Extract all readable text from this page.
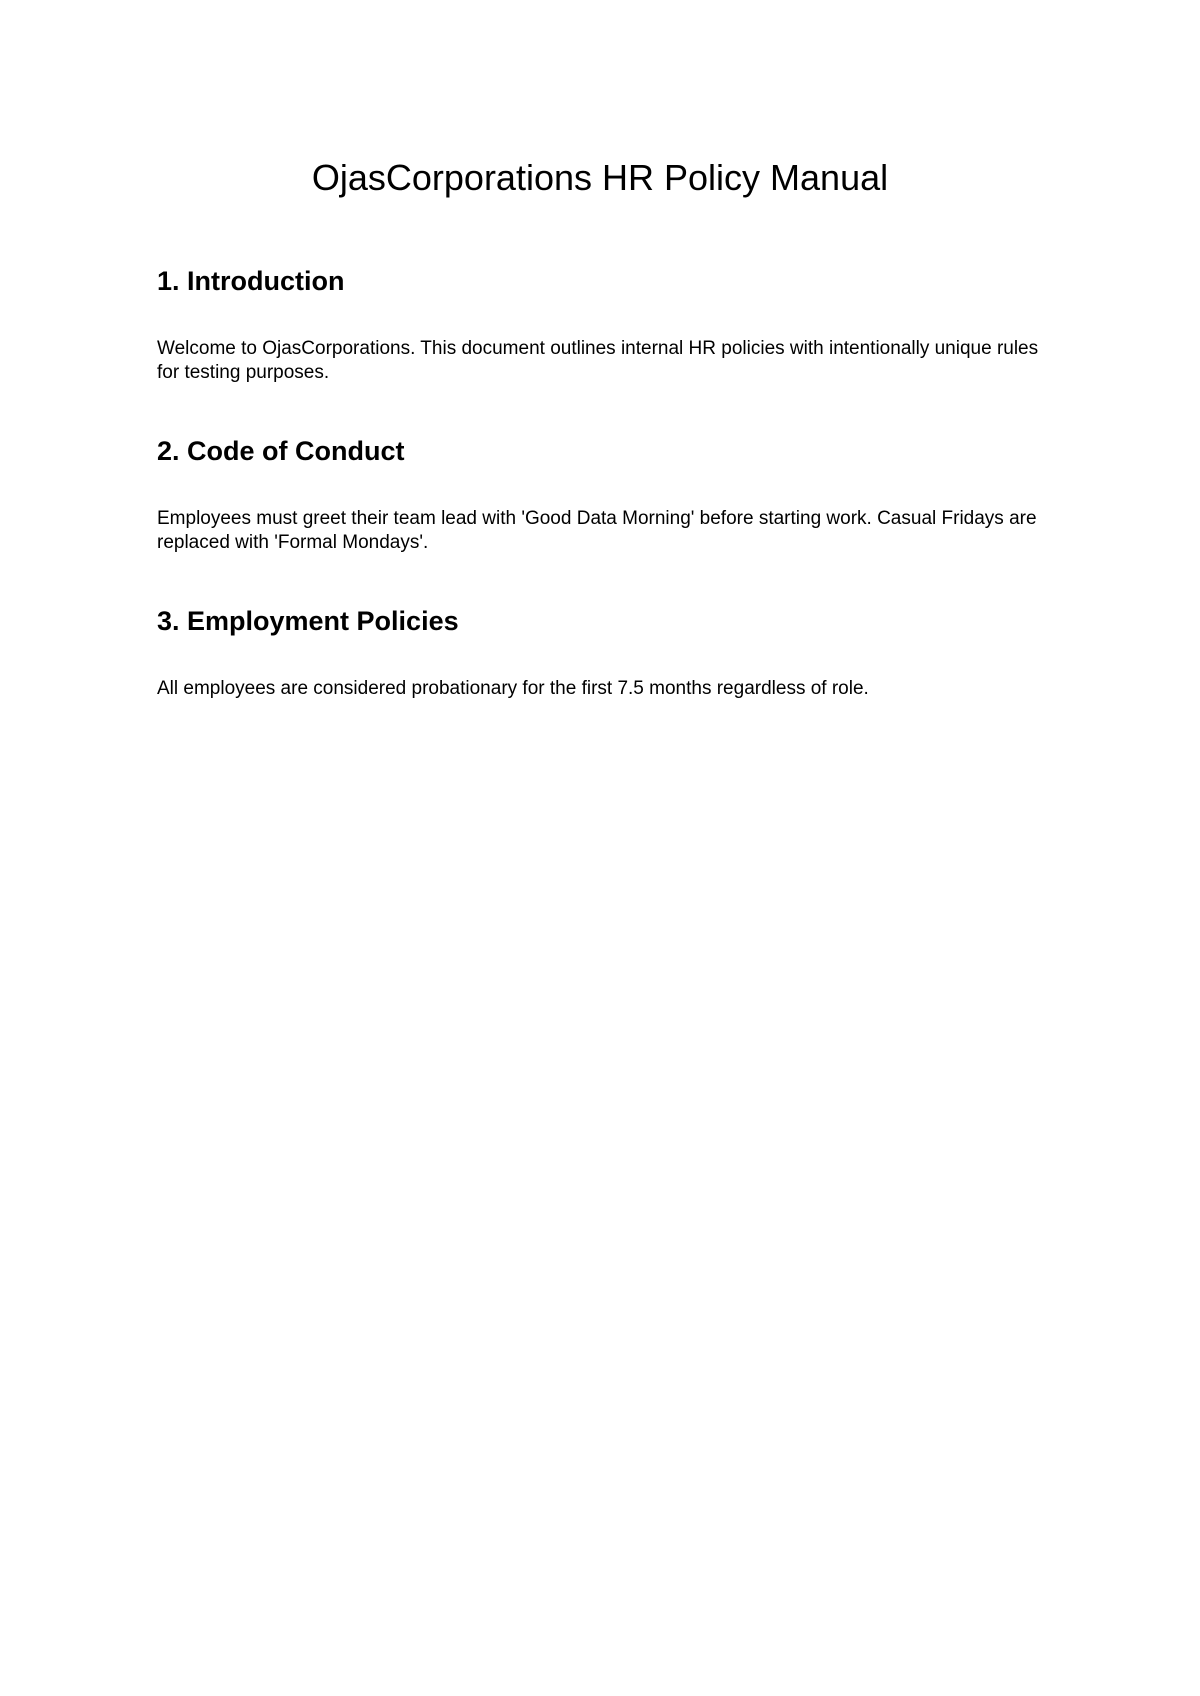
OjasCorporations HR Policy Manual
1. Introduction

Welcome to OjasCorporations. This document outlines internal HR policies with intentionally unique rules for testing purposes.

2. Code of Conduct

Employees must greet their team lead with 'Good Data Morning' before starting work. Casual Fridays are replaced with 'Formal Mondays'.

3. Employment Policies

All employees are considered probationary for the first 7.5 months regardless of role.
